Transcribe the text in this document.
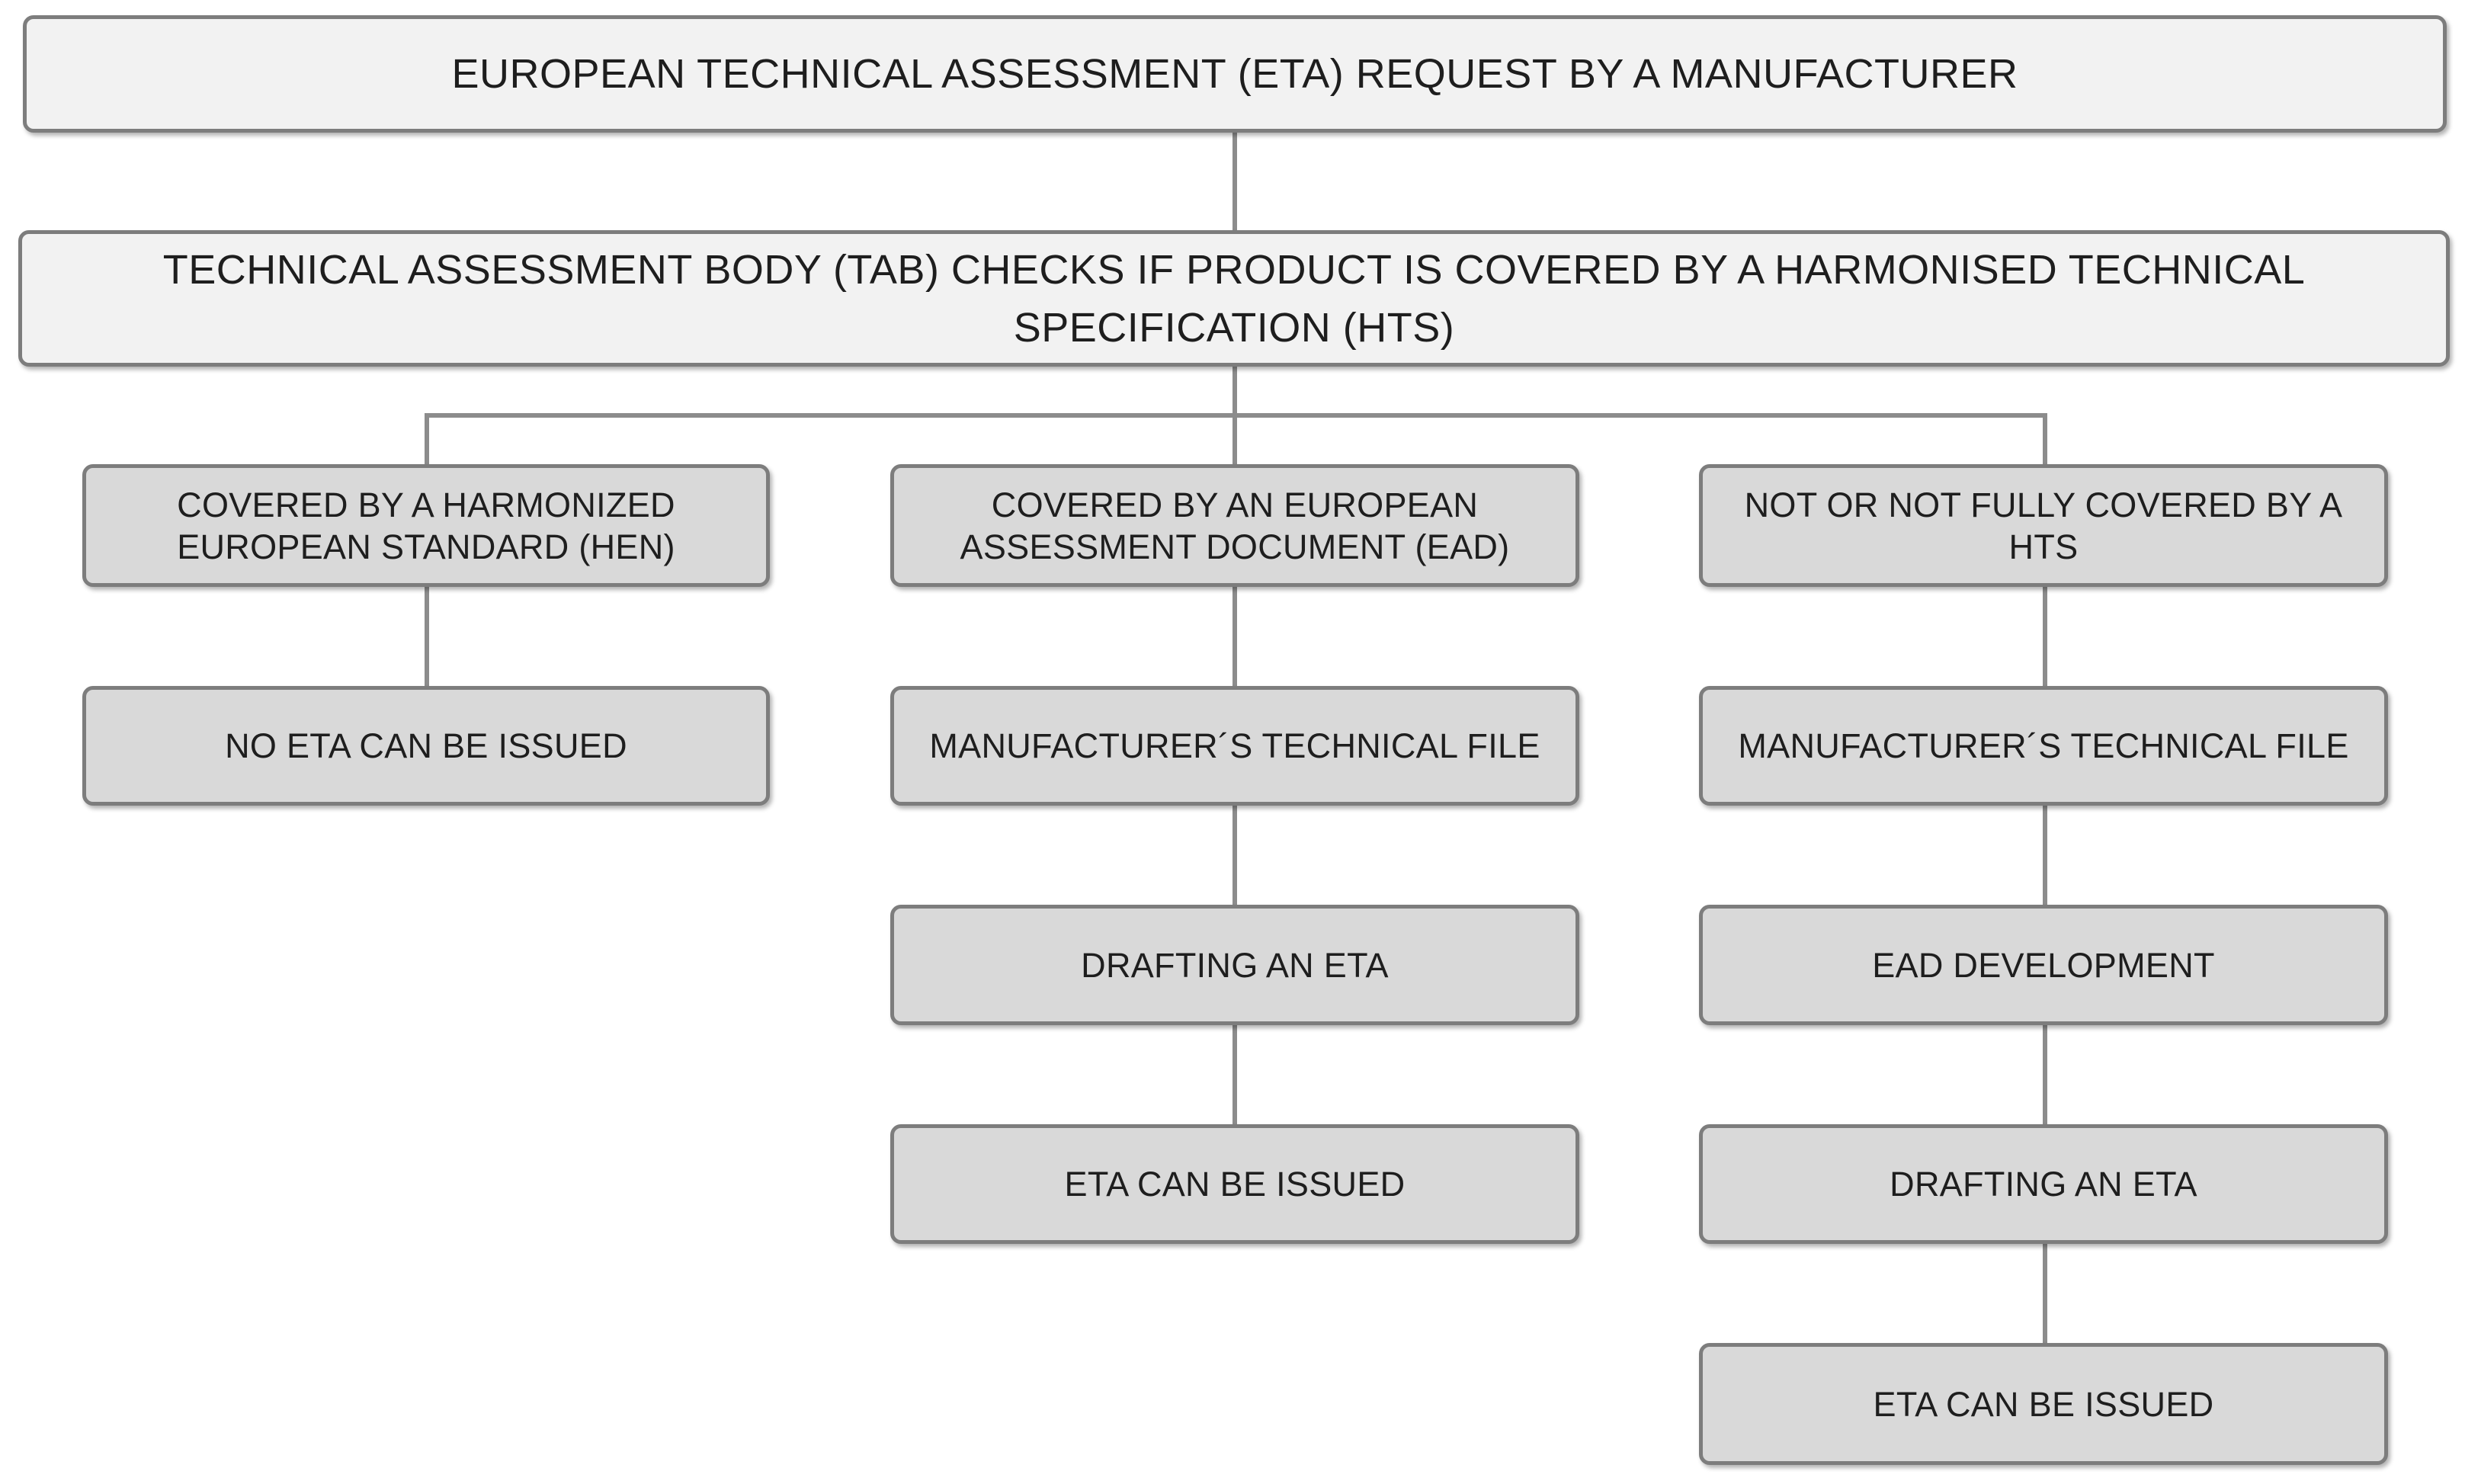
EUROPEAN TECHNICAL ASSESSMENT (ETA) REQUEST BY A MANUFACTURER
TECHNICAL ASSESSMENT BODY (TAB) CHECKS IF PRODUCT IS COVERED BY A HARMONISED TECHNICAL SPECIFICATION (HTS)
COVERED BY A HARMONIZED EUROPEAN STANDARD (HEN)
NO ETA CAN BE ISSUED
COVERED BY AN EUROPEAN ASSESSMENT DOCUMENT (EAD)
MANUFACTURER´S TECHNICAL FILE
DRAFTING AN ETA
ETA CAN BE ISSUED
NOT OR NOT FULLY COVERED BY A HTS
MANUFACTURER´S TECHNICAL FILE
EAD DEVELOPMENT
DRAFTING AN ETA
ETA CAN BE ISSUED
